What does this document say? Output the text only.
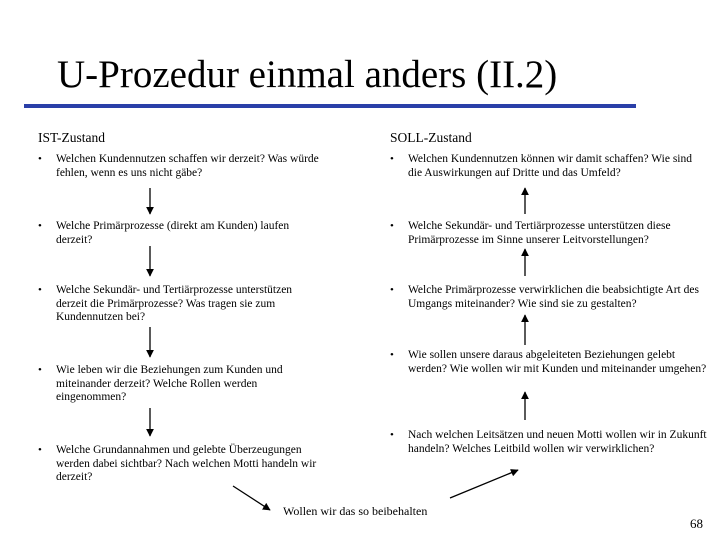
U-Prozedur einmal anders (II.2)
IST-Zustand	SOLL-Zustand
• Welchen Kundennutzen schaffen wir derzeit? Was würde fehlen, wenn es uns nicht gäbe?
• Welche Primärprozesse (direkt am Kunden) laufen derzeit?
• Welche Sekundär- und Tertiärprozesse unterstützen derzeit die Primärprozesse? Was tragen sie zum Kundennutzen bei?
• Wie leben wir die Beziehungen zum Kunden und miteinander derzeit? Welche Rollen werden eingenommen?
• Welche Grundannahmen und gelebte Überzeugungen werden dabei sichtbar? Nach welchen Motti handeln wir derzeit?
• Welchen Kundennutzen können wir damit schaffen? Wie sind die Auswirkungen auf Dritte und das Umfeld?
• Welche Sekundär- und Tertiärprozesse unterstützen diese Primärprozesse im Sinne unserer Leitvorstellungen?
• Welche Primärprozesse verwirklichen die beabsichtigte Art des Umgangs miteinander? Wie sind sie zu gestalten?
• Wie sollen unsere daraus abgeleiteten Beziehungen gelebt werden? Wie wollen wir mit Kunden und miteinander umgehen?
• Nach welchen Leitsätzen und neuen Motti wollen wir in Zukunft handeln? Welches Leitbild wollen wir verwirklichen?
Wollen wir das so beibehalten
68
